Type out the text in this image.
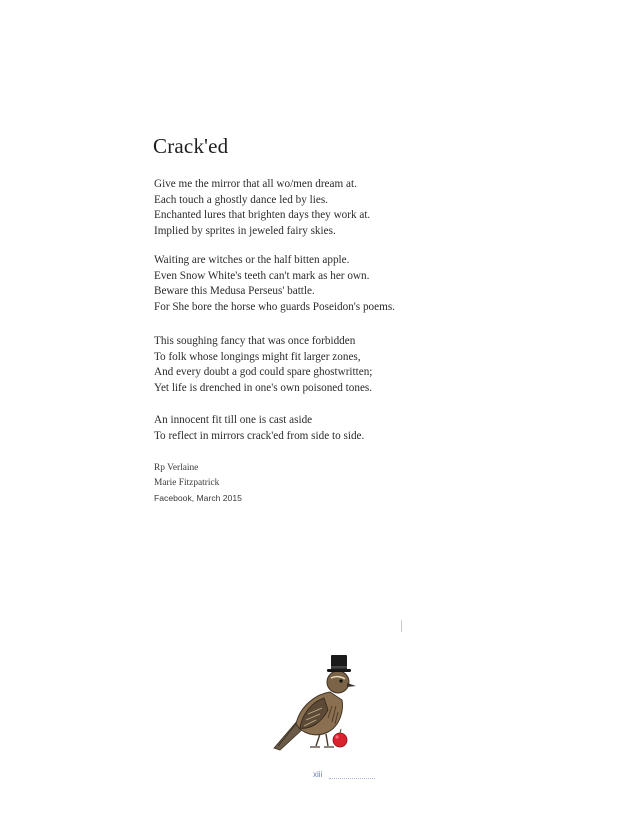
Crack'ed
Give me the mirror that all wo/men dream at.
Each touch a ghostly dance led by lies.
Enchanted lures that brighten days they work at.
Implied by sprites in jeweled fairy skies.
Waiting are witches or the half bitten apple.
Even Snow White's teeth can't mark as her own.
Beware this Medusa Perseus' battle.
For She bore the horse who guards Poseidon's poems.
This soughing fancy that was once forbidden
To folk whose longings might fit larger zones,
And every doubt a god could spare ghostwritten;
Yet life is drenched in one's own poisoned tones.
An innocent fit till one is cast aside
To reflect in mirrors crack'ed from side to side.
Rp Verlaine
Marie Fitzpatrick
Facebook, March 2015
xiii
